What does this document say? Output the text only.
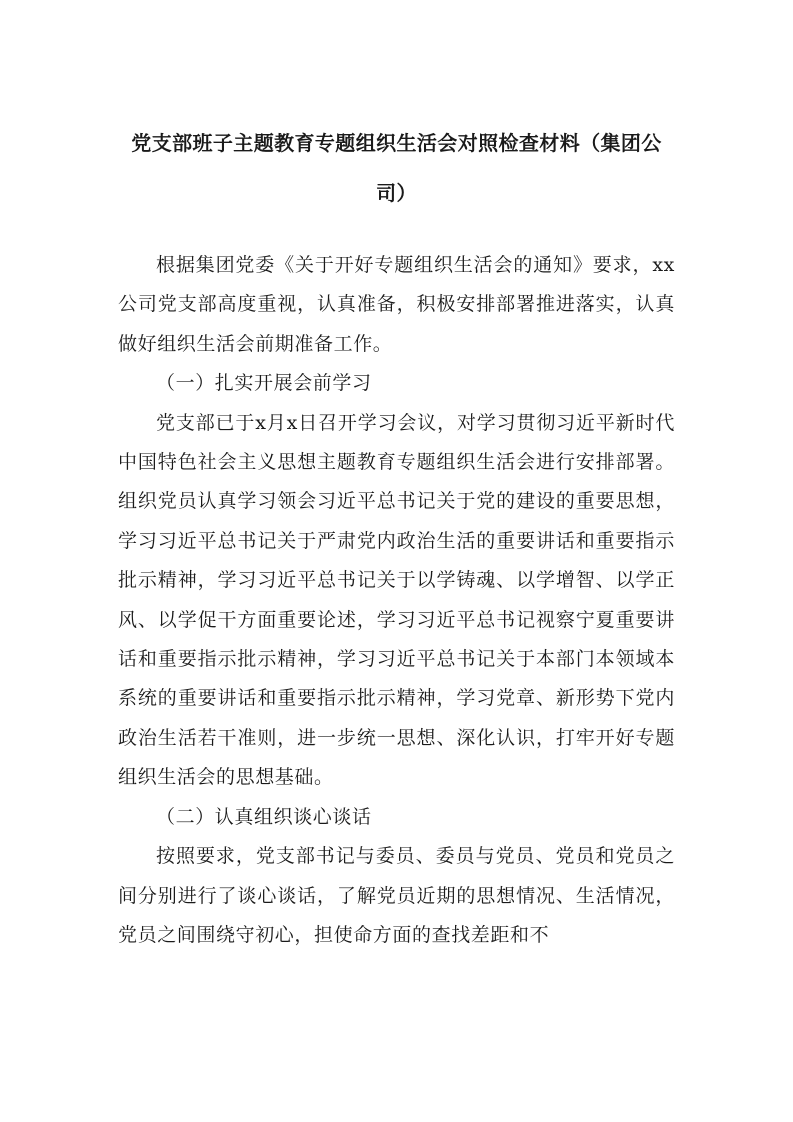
党支部班子主题教育专题组织生活会对照检查材料（集团公
司）

根据集团党委《关于开好专题组织生活会的通知》要求，xx公司党支部高度重视，认真准备，积极安排部署推进落实，认真做好组织生活会前期准备工作。

（一）扎实开展会前学习

党支部已于x月x日召开学习会议，对学习贯彻习近平新时代中国特色社会主义思想主题教育专题组织生活会进行安排部署。组织党员认真学习领会习近平总书记关于党的建设的重要思想，学习习近平总书记关于严肃党内政治生活的重要讲话和重要指示批示精神，学习习近平总书记关于以学铸魂、以学增智、以学正风、以学促干方面重要论述，学习习近平总书记视察宁夏重要讲话和重要指示批示精神，学习习近平总书记关于本部门本领域本系统的重要讲话和重要指示批示精神，学习党章、新形势下党内政治生活若干准则，进一步统一思想、深化认识，打牢开好专题组织生活会的思想基础。

（二）认真组织谈心谈话

按照要求，党支部书记与委员、委员与党员、党员和党员之间分别进行了谈心谈话，了解党员近期的思想情况、生活情况，党员之间围绕守初心，担使命方面的查找差距和不
